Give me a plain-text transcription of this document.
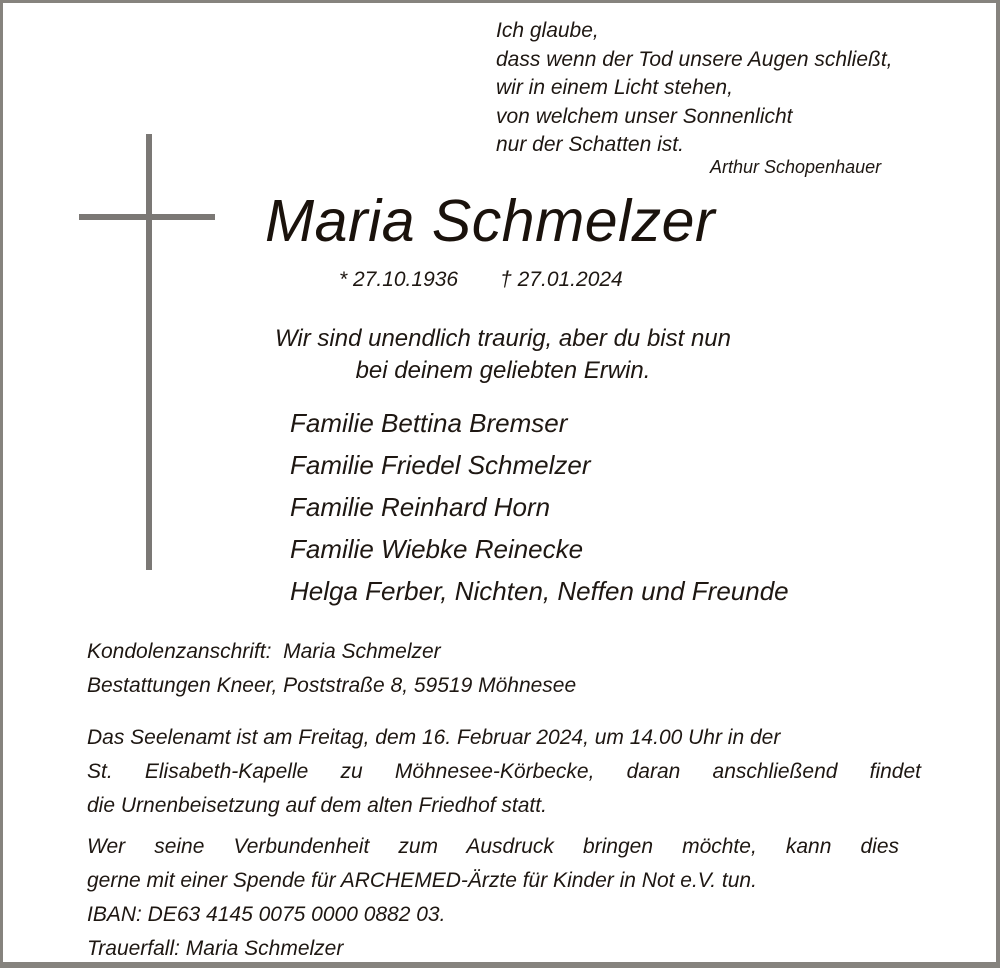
Ich glaube,
dass wenn der Tod unsere Augen schließt,
wir in einem Licht stehen,
von welchem unser Sonnenlicht
nur der Schatten ist.
Arthur Schopenhauer
Maria Schmelzer
* 27.10.1936 † 27.01.2024
Wir sind unendlich traurig, aber du bist nun
bei deinem geliebten Erwin.
Familie Bettina Bremser
Familie Friedel Schmelzer
Familie Reinhard Horn
Familie Wiebke Reinecke
Helga Ferber, Nichten, Neffen und Freunde
Kondolenzanschrift:  Maria Schmelzer
Bestattungen Kneer, Poststraße 8, 59519 Möhnesee
Das Seelenamt ist am Freitag, dem 16. Februar 2024, um 14.00 Uhr in der
St. Elisabeth-Kapelle zu Möhnesee-Körbecke, daran anschließend findet
die Urnenbeisetzung auf dem alten Friedhof statt.
Wer seine Verbundenheit zum Ausdruck bringen möchte, kann dies
gerne mit einer Spende für ARCHEMED-Ärzte für Kinder in Not e.V. tun.
IBAN: DE63 4145 0075 0000 0882 03.
Trauerfall: Maria Schmelzer
